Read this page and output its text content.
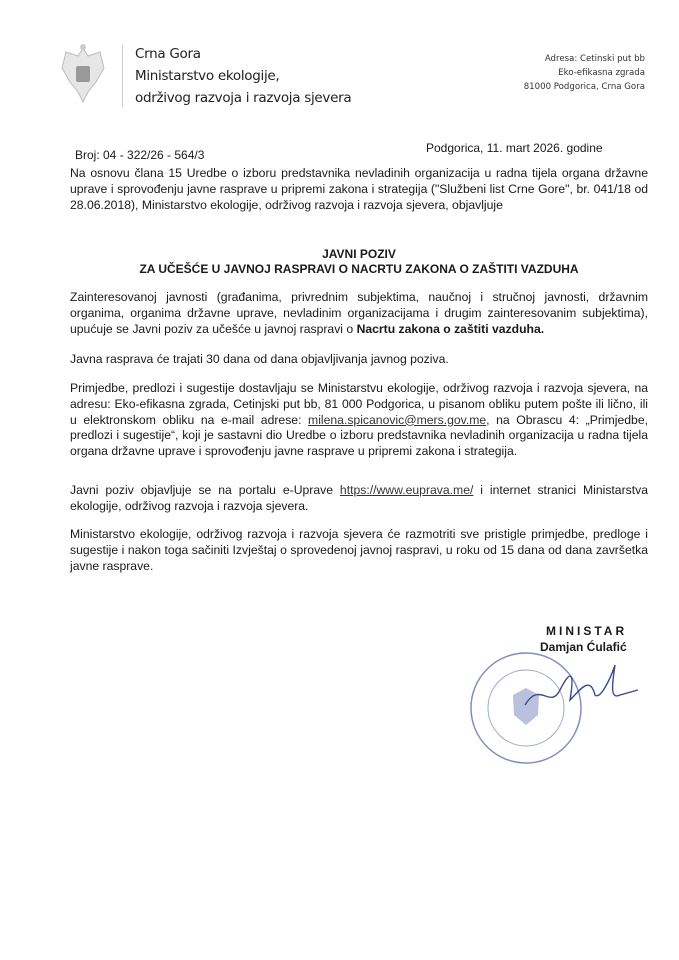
Crna Gora
Ministarstvo ekologije,
održivog razvoja i razvoja sjevera
Adresa: Cetinski put bb
Eko-efikasna zgrada
81000 Podgorica, Crna Gora
Broj: 04 - 322/26 - 564/3	Podgorica, 11. mart 2026. godine
Na osnovu člana 15 Uredbe o izboru predstavnika nevladinih organizacija u radna tijela organa državne uprave i sprovođenju javne rasprave u pripremi zakona i strategija ("Službeni list Crne Gore", br. 041/18 od 28.06.2018), Ministarstvo ekologije, održivog razvoja i razvoja sjevera, objavljuje
JAVNI POZIV
ZA UČEŠĆE U JAVNOJ RASPRAVI O NACRTU ZAKONA O ZAŠTITI VAZDUHA
Zainteresovanoj javnosti (građanima, privrednim subjektima, naučnoj i stručnoj javnosti, državnim organima, organima državne uprave, nevladinim organizacijama i drugim zainteresovanim subjektima), upućuje se Javni poziv za učešće u javnoj raspravi o Nacrtu zakona o zaštiti vazduha.
Javna rasprava će trajati 30 dana od dana objavljivanja javnog poziva.
Primjedbe, predlozi i sugestije dostavljaju se Ministarstvu ekologije, održivog razvoja i razvoja sjevera, na adresu: Eko-efikasna zgrada, Cetinjski put bb, 81 000 Podgorica, u pisanom obliku putem pošte ili lično, ili u elektronskom obliku na e-mail adrese: milena.spicanovic@mers.gov.me, na Obrascu 4: „Primjedbe, predlozi i sugestije“, koji je sastavni dio Uredbe o izboru predstavnika nevladinih organizacija u radna tijela organa državne uprave i sprovođenju javne rasprave u pripremi zakona i strategija.
Javni poziv objavljuje se na portalu e-Uprave https://www.euprava.me/ i internet stranici Ministarstva ekologije, održivog razvoja i razvoja sjevera.
Ministarstvo ekologije, održivog razvoja i razvoja sjevera će razmotriti sve pristigle primjedbe, predloge i sugestije i nakon toga sačiniti Izvještaj o sprovedenoj javnoj raspravi, u roku od 15 dana od dana završetka javne rasprave.
MINISTAR
Damjan Ćulafić
